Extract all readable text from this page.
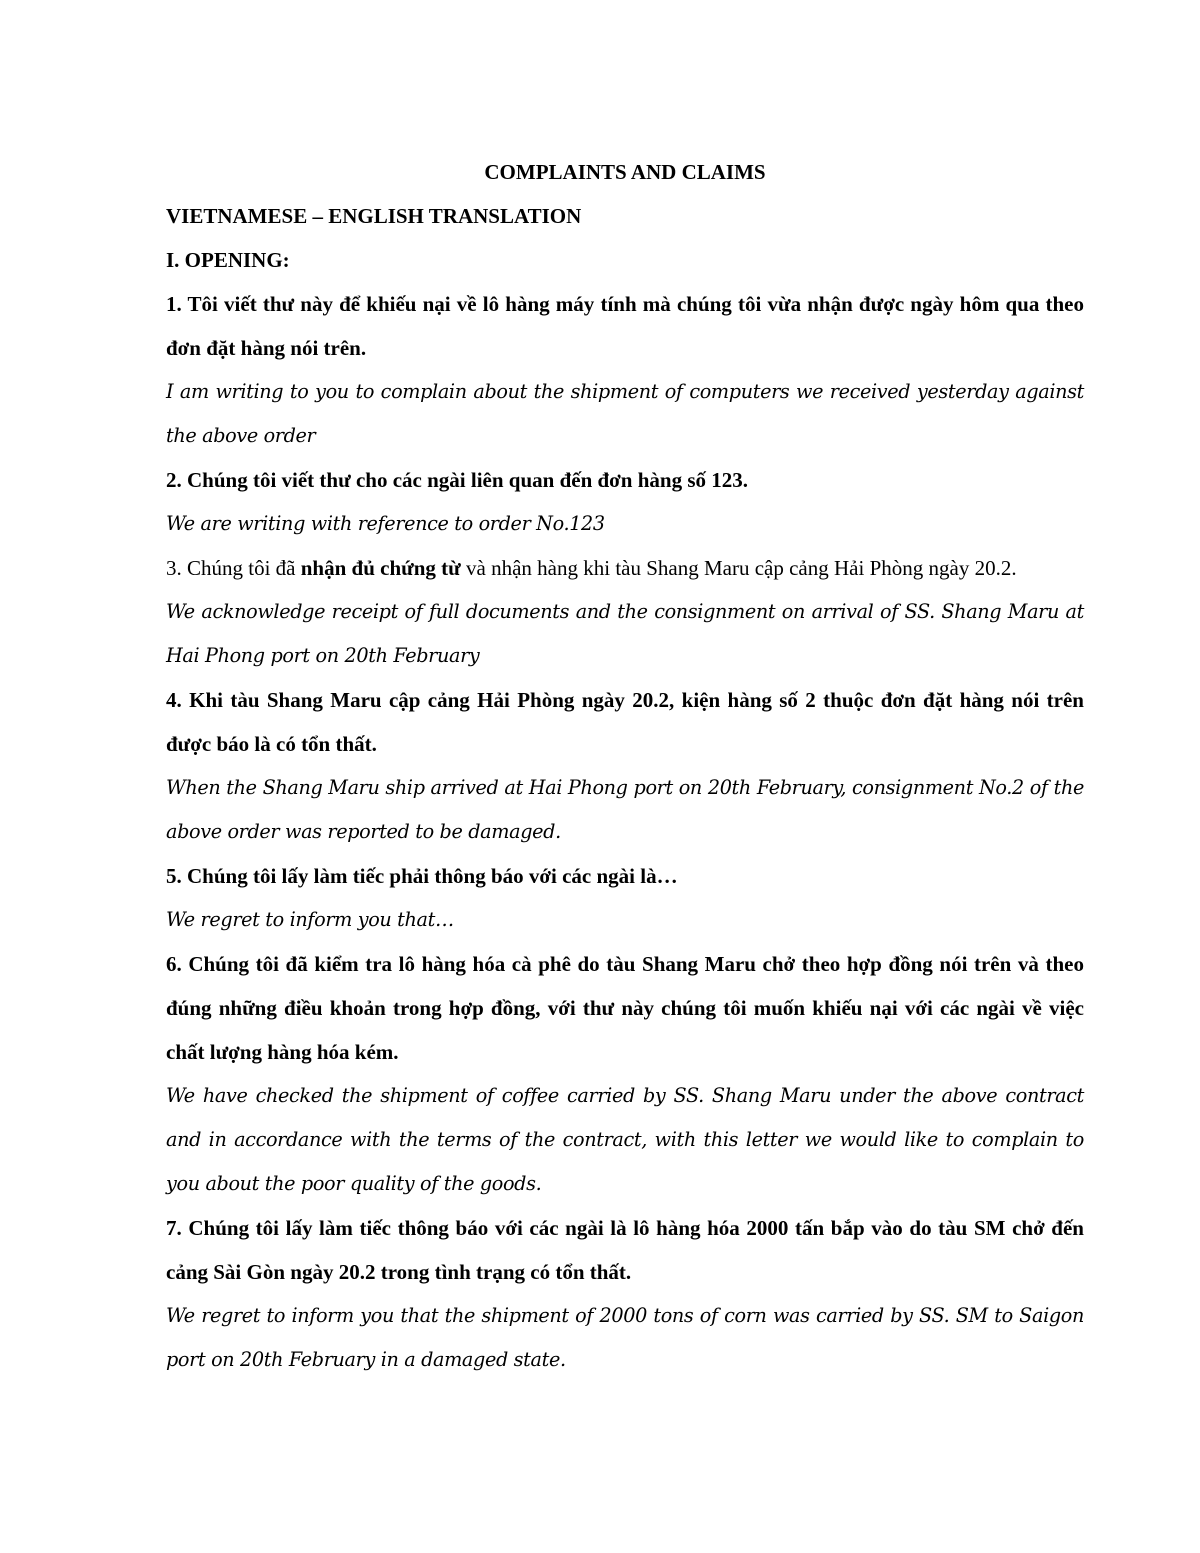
COMPLAINTS AND CLAIMS

VIETNAMESE – ENGLISH TRANSLATION

I. OPENING:

1. Tôi viết thư này để khiếu nại về lô hàng máy tính mà chúng tôi vừa nhận được ngày hôm qua theo đơn đặt hàng nói trên.

I am writing to you to complain about the shipment of computers we received yesterday against the above order

2. Chúng tôi viết thư cho các ngài liên quan đến đơn hàng số 123.

We are writing with reference to order No.123

3. Chúng tôi đã nhận đủ chứng từ và nhận hàng khi tàu Shang Maru cập cảng Hải Phòng ngày 20.2.

We acknowledge receipt of full documents and the consignment on arrival of SS. Shang Maru at Hai Phong port on 20th February

4. Khi tàu Shang Maru cập cảng Hải Phòng ngày 20.2, kiện hàng số 2 thuộc đơn đặt hàng nói trên được báo là có tổn thất.

When the Shang Maru ship arrived at Hai Phong port on 20th February, consignment No.2 of the above order was reported to be damaged.

5. Chúng tôi lấy làm tiếc phải thông báo với các ngài là…

We regret to inform you that…

6. Chúng tôi đã kiểm tra lô hàng hóa cà phê do tàu Shang Maru chở theo hợp đồng nói trên và theo đúng những điều khoản trong hợp đồng, với thư này chúng tôi muốn khiếu nại với các ngài về việc chất lượng hàng hóa kém.

We have checked the shipment of coffee carried by SS. Shang Maru under the above contract and in accordance with the terms of the contract, with this letter we would like to complain to you about the poor quality of the goods.

7. Chúng tôi lấy làm tiếc thông báo với các ngài là lô hàng hóa 2000 tấn bắp vào do tàu SM chở đến cảng Sài Gòn ngày 20.2 trong tình trạng có tổn thất.

We regret to inform you that the shipment of 2000 tons of corn was carried by SS. SM to Saigon port on 20th February in a damaged state.
